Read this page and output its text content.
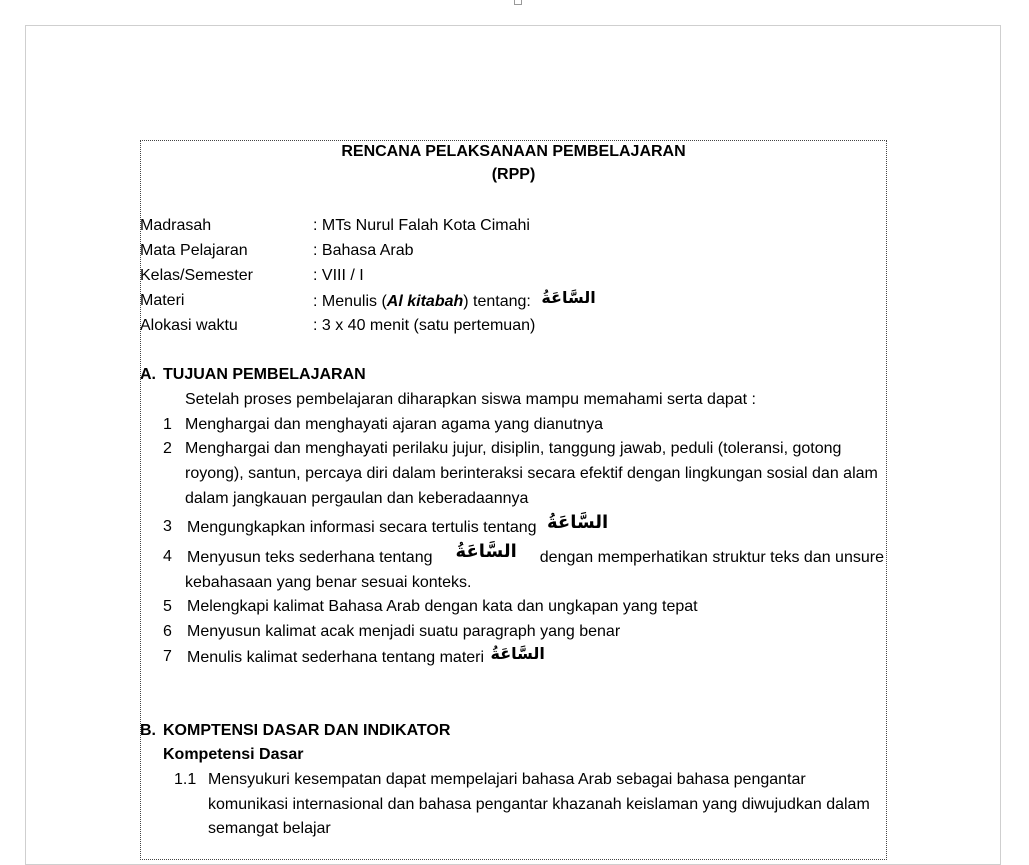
RENCANA PELAKSANAAN PEMBELAJARAN
(RPP)
Madrasah	: MTs Nurul Falah Kota Cimahi
Mata Pelajaran	: Bahasa Arab
Kelas/Semester	: VIII / I
Materi	: Menulis (Al kitabah) tentang: السَّاعَةُ
Alokasi waktu	: 3 x 40 menit (satu pertemuan)
A. TUJUAN PEMBELAJARAN
Setelah proses pembelajaran diharapkan siswa mampu memahami serta dapat :
1 Menghargai dan menghayati ajaran agama yang dianutnya
2 Menghargai dan menghayati perilaku jujur, disiplin, tanggung jawab, peduli (toleransi, gotong
royong), santun, percaya diri dalam berinteraksi secara efektif dengan lingkungan sosial dan alam
dalam jangkauan pergaulan dan keberadaannya
3 Mengungkapkan informasi secara tertulis tentang السَّاعَةُ
4 Menyusun teks sederhana tentang السَّاعَةُ dengan memperhatikan struktur teks dan unsure
kebahasaan yang benar sesuai konteks.
5 Melengkapi kalimat Bahasa Arab dengan kata dan ungkapan yang tepat
6 Menyusun kalimat acak menjadi suatu paragraph yang benar
7 Menulis kalimat sederhana tentang materi السَّاعَةُ
B. KOMPTENSI DASAR DAN INDIKATOR
Kompetensi Dasar
1.1 Mensyukuri kesempatan dapat mempelajari bahasa Arab sebagai bahasa pengantar
komunikasi internasional dan bahasa pengantar khazanah keislaman yang diwujudkan dalam
semangat belajar
